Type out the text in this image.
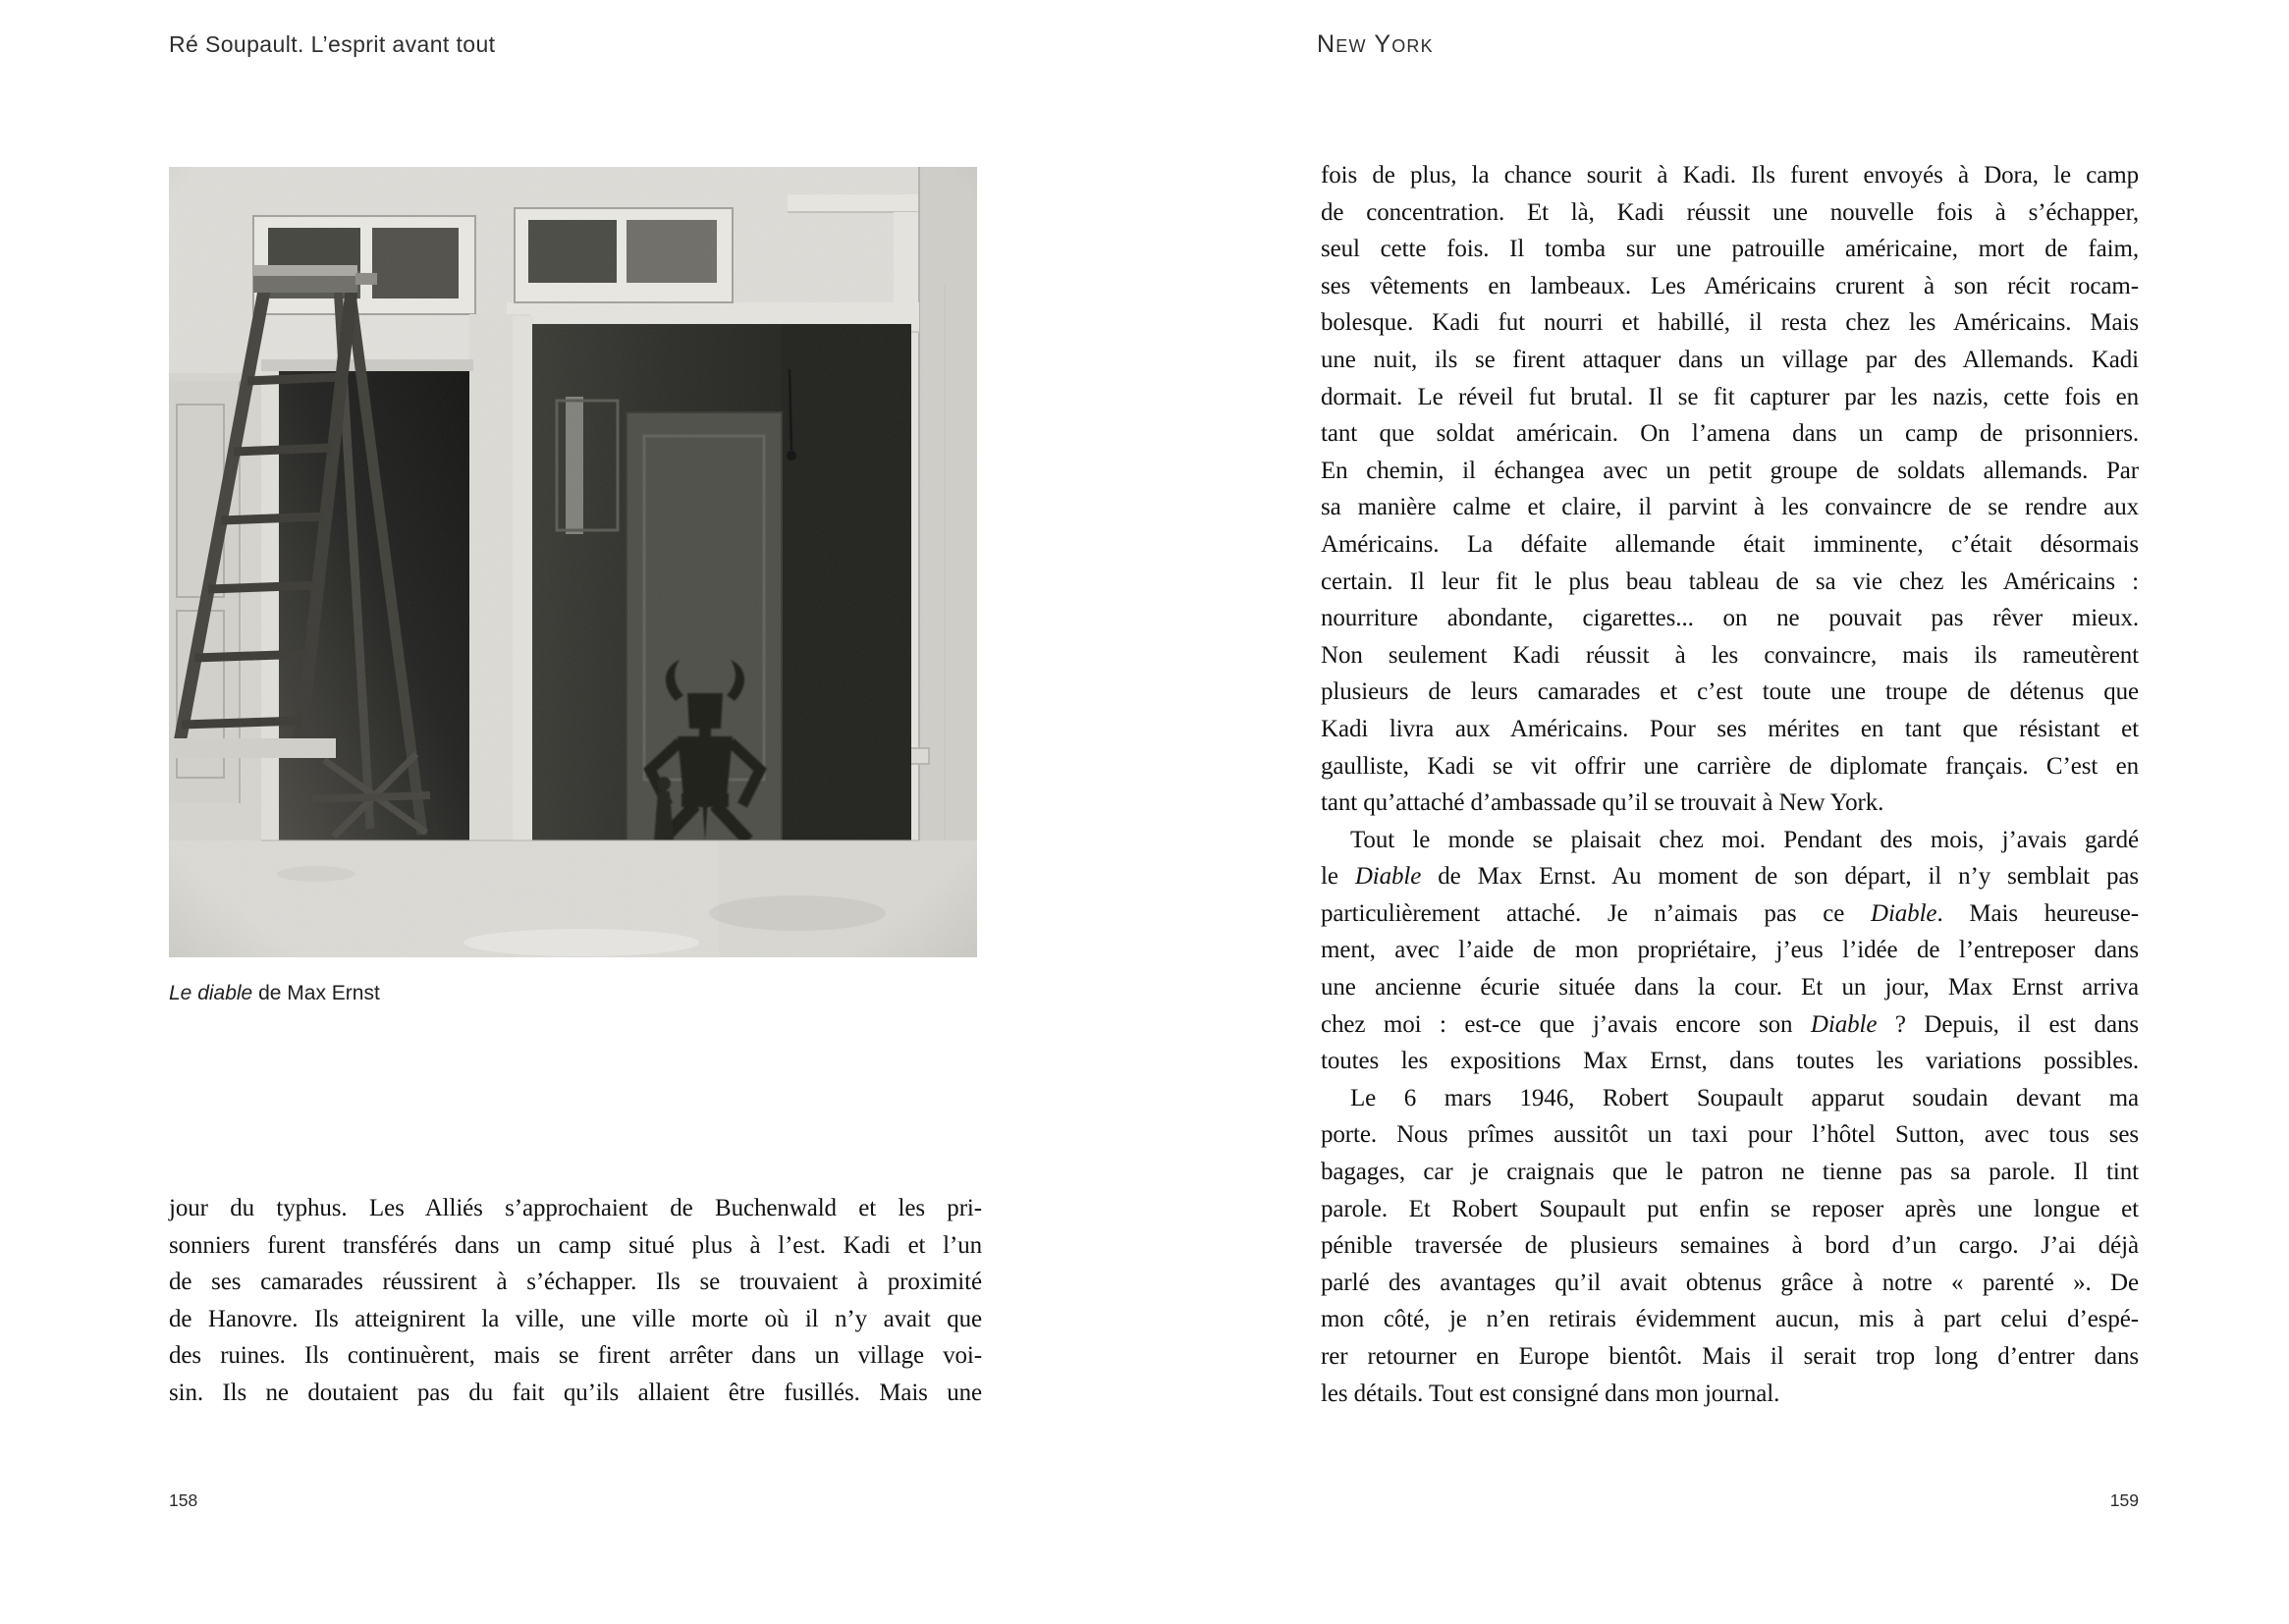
Ré Soupault. L’esprit avant tout	New York
Le diable de Max Ernst
jour du typhus. Les Alliés s’approchaient de Buchenwald et les pri-
sonniers furent transférés dans un camp situé plus à l’est. Kadi et l’un
de ses camarades réussirent à s’échapper. Ils se trouvaient à proximité
de Hanovre. Ils atteignirent la ville, une ville morte où il n’y avait que
des ruines. Ils continuèrent, mais se firent arrêter dans un village voi-
sin. Ils ne doutaient pas du fait qu’ils allaient être fusillés. Mais une
fois de plus, la chance sourit à Kadi. Ils furent envoyés à Dora, le camp
de concentration. Et là, Kadi réussit une nouvelle fois à s’échapper,
seul cette fois. Il tomba sur une patrouille américaine, mort de faim,
ses vêtements en lambeaux. Les Américains crurent à son récit rocam-
bolesque. Kadi fut nourri et habillé, il resta chez les Américains. Mais
une nuit, ils se firent attaquer dans un village par des Allemands. Kadi
dormait. Le réveil fut brutal. Il se fit capturer par les nazis, cette fois en
tant que soldat américain. On l’amena dans un camp de prisonniers.
En chemin, il échangea avec un petit groupe de soldats allemands. Par
sa manière calme et claire, il parvint à les convaincre de se rendre aux
Américains. La défaite allemande était imminente, c’était désormais
certain. Il leur fit le plus beau tableau de sa vie chez les Américains :
nourriture abondante, cigarettes... on ne pouvait pas rêver mieux.
Non seulement Kadi réussit à les convaincre, mais ils rameutèrent
plusieurs de leurs camarades et c’est toute une troupe de détenus que
Kadi livra aux Américains. Pour ses mérites en tant que résistant et
gaulliste, Kadi se vit offrir une carrière de diplomate français. C’est en
tant qu’attaché d’ambassade qu’il se trouvait à New York.
Tout le monde se plaisait chez moi. Pendant des mois, j’avais gardé
le Diable de Max Ernst. Au moment de son départ, il n’y semblait pas
particulièrement attaché. Je n’aimais pas ce Diable. Mais heureuse-
ment, avec l’aide de mon propriétaire, j’eus l’idée de l’entreposer dans
une ancienne écurie située dans la cour. Et un jour, Max Ernst arriva
chez moi : est-ce que j’avais encore son Diable ? Depuis, il est dans
toutes les expositions Max Ernst, dans toutes les variations possibles.
Le 6 mars 1946, Robert Soupault apparut soudain devant ma
porte. Nous prîmes aussitôt un taxi pour l’hôtel Sutton, avec tous ses
bagages, car je craignais que le patron ne tienne pas sa parole. Il tint
parole. Et Robert Soupault put enfin se reposer après une longue et
pénible traversée de plusieurs semaines à bord d’un cargo. J’ai déjà
parlé des avantages qu’il avait obtenus grâce à notre « parenté ». De
mon côté, je n’en retirais évidemment aucun, mis à part celui d’espé-
rer retourner en Europe bientôt. Mais il serait trop long d’entrer dans
les détails. Tout est consigné dans mon journal.
158	159
